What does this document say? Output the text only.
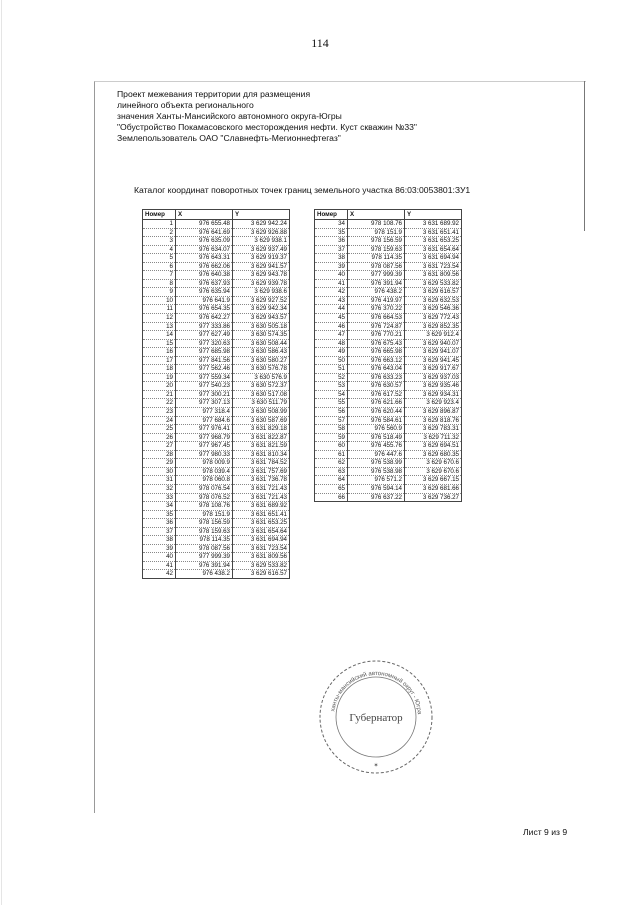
114
Проект межевания территории для размещения
линейного объекта регионального
значения Ханты-Мансийского автономного округа-Югры
"Обустройство Покамасовского месторождения нефти. Куст скважин №33"
Землепользователь ОАО "Славнефть-Мегионнефтегаз"
Каталог координат поворотных точек границ земельного участка 86:03:0053801:ЗУ1
Номер	X	Y
1	976 655.48	3 629 942.24
2	976 641.69	3 629 926.88
3	976 635.09	3 629 938.1
4	976 634.07	3 629 937.49
5	976 643.31	3 629 919.37
6	976 662.06	3 629 941.57
7	976 640.38	3 629 943.78
8	976 637.93	3 629 939.78
9	976 635.94	3 629 938.6
10	976 641.9	3 629 927.52
11	976 654.35	3 629 942.34
12	976 642.27	3 629 943.57
13	977 333.86	3 630 505.18
14	977 627.49	3 630 574.35
15	977 320.63	3 630 508.44
16	977 685.98	3 630 586.43
17	977 841.56	3 630 580.27
18	977 562.46	3 630 576.78
19	977 559.34	3 630 576.9
20	977 540.23	3 630 572.37
21	977 300.21	3 630 517.08
22	977 307.13	3 630 511.79
23	977 318.4	3 630 508.99
24	977 684.6	3 630 587.69
25	977 976.41	3 631 829.18
26	977 968.79	3 631 822.87
27	977 967.45	3 631 821.59
28	977 980.33	3 631 810.34
29	978 009.9	3 631 784.52
30	978 039.4	3 631 757.69
31	978 060.8	3 631 736.78
32	978 076.54	3 631 721.43
33	978 076.52	3 631 721.43
34	978 108.76	3 631 689.92
35	978 151.9	3 631 651.41
36	978 156.59	3 631 653.25
37	978 159.63	3 631 654.64
38	978 114.35	3 631 694.94
39	978 087.56	3 631 723.54
40	977 999.39	3 631 809.56
41	976 391.94	3 629 533.82
42	976 438.2	3 629 616.57
Номер	X	Y
34	978 108.76	3 631 689.92
35	978 151.9	3 631 651.41
36	978 156.59	3 631 653.25
37	978 159.63	3 631 654.64
38	978 114.35	3 631 694.94
39	978 087.56	3 631 723.54
40	977 999.39	3 631 809.56
41	976 391.94	3 629 533.82
42	976 438.2	3 629 616.57
43	976 419.97	3 629 632.53
44	976 370.22	3 629 546.36
45	976 664.53	3 629 772.43
46	976 724.87	3 629 852.35
47	976 770.21	3 629 912.4
48	976 675.43	3 629 940.07
49	976 665.98	3 629 941.07
50	976 663.12	3 629 941.45
51	976 643.04	3 629 917.67
52	976 633.23	3 629 937.03
53	976 630.57	3 629 935.46
54	976 617.52	3 629 934.31
55	976 621.66	3 629 923.4
56	976 620.44	3 629 896.87
57	976 584.61	3 629 818.76
58	976 560.9	3 629 783.31
59	976 518.49	3 629 711.32
60	976 455.76	3 629 694.51
61	976 447.6	3 629 680.35
62	976 538.99	3 629 670.6
63	976 538.98	3 629 670.6
64	976 571.2	3 629 667.15
65	976 594.14	3 629 681.66
66	976 637.22	3 629 736.27
ханты-мансийский автономный округ - Югра
Губернатор
✶
Лист 9 из 9
